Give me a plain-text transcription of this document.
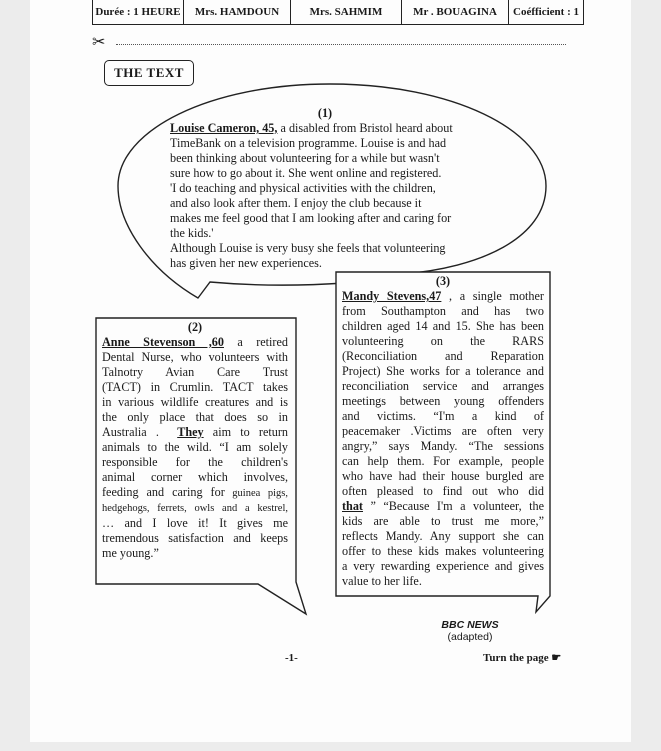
Durée : 1 HEURE	Mrs. HAMDOUN	Mrs. SAHMIM	Mr . BOUAGINA	Coéfficient : 1
✂
THE TEXT
(1)
Louise Cameron, 45, a disabled from Bristol heard about
TimeBank on a television programme. Louise is and had
been thinking about volunteering for a while but wasn't
sure how to go about it. She went online and registered.
'I do teaching and physical activities with the children,
and also look after them. I enjoy the club because it
makes me feel good that I am looking after and caring for
the kids.'
Although Louise is very busy she feels that volunteering
has given her new experiences.
(2)
Anne Stevenson ,60 a retired
Dental Nurse, who volunteers with
Talnotry Avian Care Trust
(TACT) in Crumlin. TACT takes
in various wildlife creatures and is
the only place that does so in
Australia . They aim to return
animals to the wild. “I am solely
responsible for the children's
animal corner which involves,
feeding and caring for guinea pigs,
hedgehogs, ferrets, owls and a kestrel,
… and I love it! It gives me
tremendous satisfaction and keeps
me young.”
(3)
Mandy Stevens,47 , a single mother
from Southampton and has two
children aged 14 and 15. She has been
volunteering on the RARS
(Reconciliation and Reparation
Project) She works for a tolerance and
reconciliation service and arranges
meetings between young offenders
and victims. “I'm a kind of
peacemaker .Victims are often very
angry,” says Mandy. “The sessions
can help them. For example, people
who have had their house burgled are
often pleased to find out who did
that ” “Because I'm a volunteer, the
kids are able to trust me more,”
reflects Mandy. Any support she can
offer to these kids makes volunteering
a very rewarding experience and gives
value to her life.
BBC NEWS
(adapted)
-1-	Turn the page ☛
